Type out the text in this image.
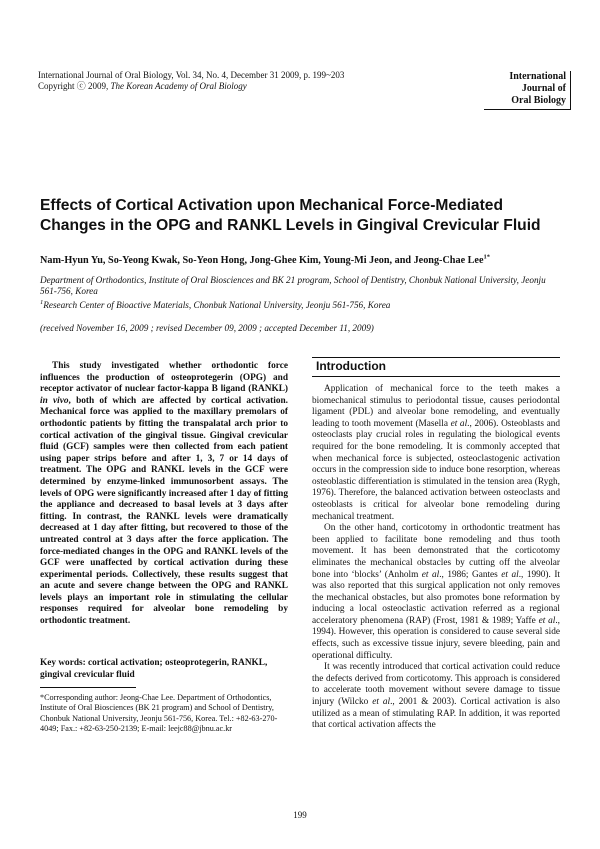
International Journal of Oral Biology, Vol. 34, No. 4, December 31 2009, p. 199~203
Copyright ⓒ 2009, The Korean Academy of Oral Biology
International
Journal of
Oral Biology
Effects of Cortical Activation upon Mechanical Force-Mediated Changes in the OPG and RANKL Levels in Gingival Crevicular Fluid
Nam-Hyun Yu, So-Yeong Kwak, So-Yeon Hong, Jong-Ghee Kim, Young-Mi Jeon, and Jeong-Chae Lee$^{1*}$
Department of Orthodontics, Institute of Oral Biosciences and BK 21 program, School of Dentistry, Chonbuk National University, Jeonju 561-756, Korea
$^1$Research Center of Bioactive Materials, Chonbuk National University, Jeonju 561-756, Korea
(received November 16, 2009 ; revised December 09, 2009 ; accepted December 11, 2009)
This study investigated whether orthodontic force influences the production of osteoprotegerin (OPG) and receptor activator of nuclear factor-kappa B ligand (RANKL) in vivo, both of which are affected by cortical activation. Mechanical force was applied to the maxillary premolars of orthodontic patients by fitting the transpalatal arch prior to cortical activation of the gingival tissue. Gingival crevicular fluid (GCF) samples were then collected from each patient using paper strips before and after 1, 3, 7 or 14 days of treatment. The OPG and RANKL levels in the GCF were determined by enzyme-linked immunosorbent assays. The levels of OPG were significantly increased after 1 day of fitting the appliance and decreased to basal levels at 3 days after fitting. In contrast, the RANKL levels were dramatically decreased at 1 day after fitting, but recovered to those of the untreated control at 3 days after the force application. The force-mediated changes in the OPG and RANKL levels of the GCF were unaffected by cortical activation during these experimental periods. Collectively, these results suggest that an acute and severe change between the OPG and RANKL levels plays an important role in stimulating the cellular responses required for alveolar bone remodeling by orthodontic treatment.
Key words: cortical activation; osteoprotegerin, RANKL, gingival crevicular fluid
*Corresponding author: Jeong-Chae Lee. Department of Orthodontics, Institute of Oral Biosciences (BK 21 program) and School of Dentistry, Chonbuk National University, Jeonju 561-756, Korea. Tel.: +82-63-270-4049; Fax.: +82-63-250-2139; E-mail: leejc88@jbnu.ac.kr
Introduction

Application of mechanical force to the teeth makes a biomechanical stimulus to periodontal tissue, causes periodontal ligament (PDL) and alveolar bone remodeling, and eventually leading to tooth movement (Masella et al., 2006). Osteoblasts and osteoclasts play crucial roles in regulating the biological events required for the bone remodeling. It is commonly accepted that when mechanical force is subjected, osteoclastogenic activation occurs in the compression side to induce bone resorption, whereas osteoblastic differentiation is stimulated in the tension area (Rygh, 1976). Therefore, the balanced activation between osteoclasts and osteoblasts is critical for alveolar bone remodeling during mechanical treatment.

On the other hand, corticotomy in orthodontic treatment has been applied to facilitate bone remodeling and thus tooth movement. It has been demonstrated that the corticotomy eliminates the mechanical obstacles by cutting off the alveolar bone into ‘blocks’ (Anholm et al., 1986; Gantes et al., 1990). It was also reported that this surgical application not only removes the mechanical obstacles, but also promotes bone reformation by inducing a local osteoclastic activation referred as a regional acceleratory phenomena (RAP) (Frost, 1981 & 1989; Yaffe et al., 1994). However, this operation is considered to cause several side effects, such as excessive tissue injury, severe bleeding, pain and operational difficulty.

It was recently introduced that cortical activation could reduce the defects derived from corticotomy. This approach is considered to accelerate tooth movement without severe damage to tissue injury (Wilcko et al., 2001 & 2003). Cortical activation is also utilized as a mean of stimulating RAP. In addition, it was reported that cortical activation affects the

199
